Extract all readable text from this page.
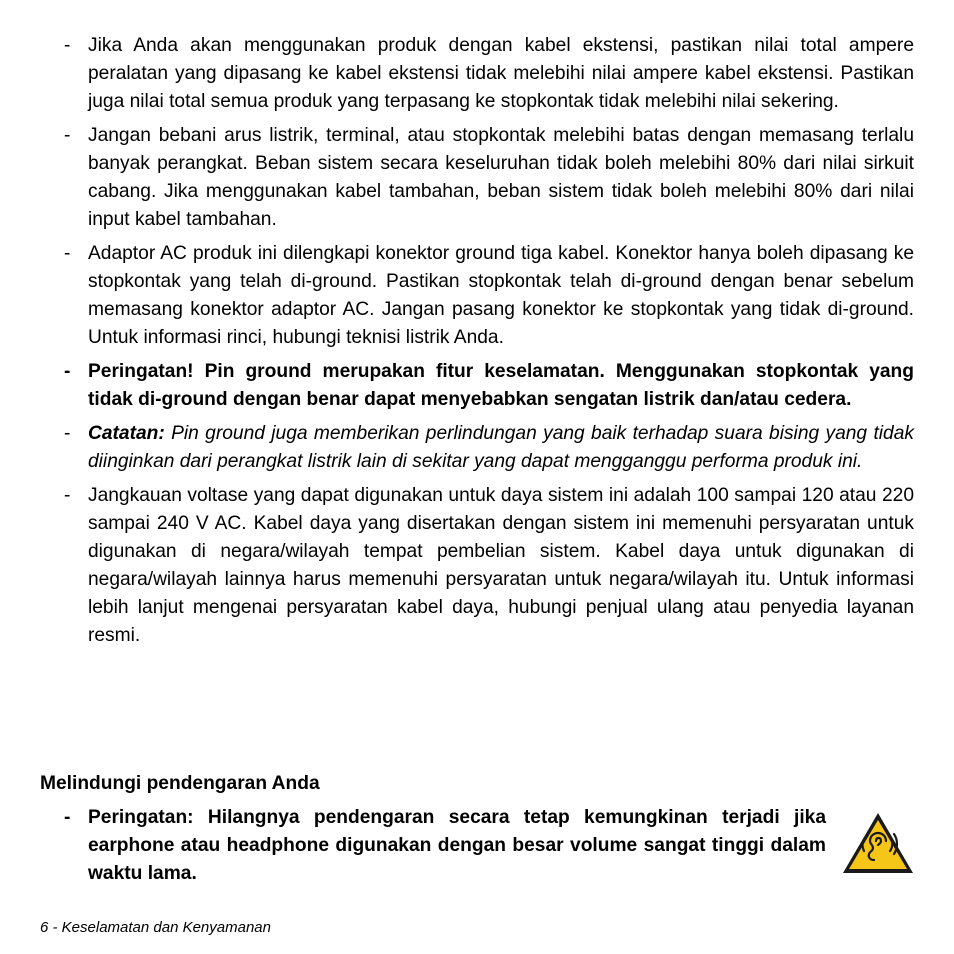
- Jika Anda akan menggunakan produk dengan kabel ekstensi, pastikan nilai total ampere peralatan yang dipasang ke kabel ekstensi tidak melebihi nilai ampere kabel ekstensi. Pastikan juga nilai total semua produk yang terpasang ke stopkontak tidak melebihi nilai sekering.

- Jangan bebani arus listrik, terminal, atau stopkontak melebihi batas dengan memasang terlalu banyak perangkat. Beban sistem secara keseluruhan tidak boleh melebihi 80% dari nilai sirkuit cabang. Jika menggunakan kabel tambahan, beban sistem tidak boleh melebihi 80% dari nilai input kabel tambahan.

- Adaptor AC produk ini dilengkapi konektor ground tiga kabel. Konektor hanya boleh dipasang ke stopkontak yang telah di-ground. Pastikan stopkontak telah di-ground dengan benar sebelum memasang konektor adaptor AC. Jangan pasang konektor ke stopkontak yang tidak di-ground. Untuk informasi rinci, hubungi teknisi listrik Anda.

- Peringatan! Pin ground merupakan fitur keselamatan. Menggunakan stopkontak yang tidak di-ground dengan benar dapat menyebabkan sengatan listrik dan/atau cedera.

- Catatan: Pin ground juga memberikan perlindungan yang baik terhadap suara bising yang tidak diinginkan dari perangkat listrik lain di sekitar yang dapat mengganggu performa produk ini.

- Jangkauan voltase yang dapat digunakan untuk daya sistem ini adalah 100 sampai 120 atau 220 sampai 240 V AC. Kabel daya yang disertakan dengan sistem ini memenuhi persyaratan untuk digunakan di negara/wilayah tempat pembelian sistem. Kabel daya untuk digunakan di negara/wilayah lainnya harus memenuhi persyaratan untuk negara/wilayah itu. Untuk informasi lebih lanjut mengenai persyaratan kabel daya, hubungi penjual ulang atau penyedia layanan resmi.

Melindungi pendengaran Anda

- Peringatan: Hilangnya pendengaran secara tetap kemungkinan terjadi jika earphone atau headphone digunakan dengan besar volume sangat tinggi dalam waktu lama.

6 - Keselamatan dan Kenyamanan
